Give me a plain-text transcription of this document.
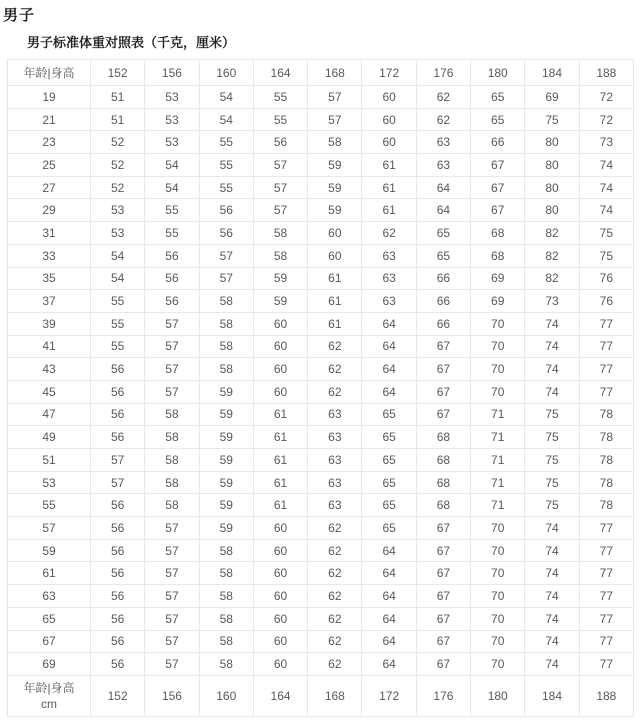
男子
男子标准体重对照表（千克，厘米）
年龄|身高	152	156	160	164	168	172	176	180	184	188
19	51	53	54	55	57	60	62	65	69	72
21	51	53	54	55	57	60	62	65	75	72
23	52	53	55	56	58	60	63	66	80	73
25	52	54	55	57	59	61	63	67	80	74
27	52	54	55	57	59	61	64	67	80	74
29	53	55	56	57	59	61	64	67	80	74
31	53	55	56	58	60	62	65	68	82	75
33	54	56	57	58	60	63	65	68	82	75
35	54	56	57	59	61	63	66	69	82	76
37	55	56	58	59	61	63	66	69	73	76
39	55	57	58	60	61	64	66	70	74	77
41	55	57	58	60	62	64	67	70	74	77
43	56	57	58	60	62	64	67	70	74	77
45	56	57	59	60	62	64	67	70	74	77
47	56	58	59	61	63	65	67	71	75	78
49	56	58	59	61	63	65	68	71	75	78
51	57	58	59	61	63	65	68	71	75	78
53	57	58	59	61	63	65	68	71	75	78
55	56	58	59	61	63	65	68	71	75	78
57	56	57	59	60	62	65	67	70	74	77
59	56	57	58	60	62	64	67	70	74	77
61	56	57	58	60	62	64	67	70	74	77
63	56	57	58	60	62	64	67	70	74	77
65	56	57	58	60	62	64	67	70	74	77
67	56	57	58	60	62	64	67	70	74	77
69	56	57	58	60	62	64	67	70	74	77

年龄|身高
cm	152	156	160	164	168	172	176	180	184	188
